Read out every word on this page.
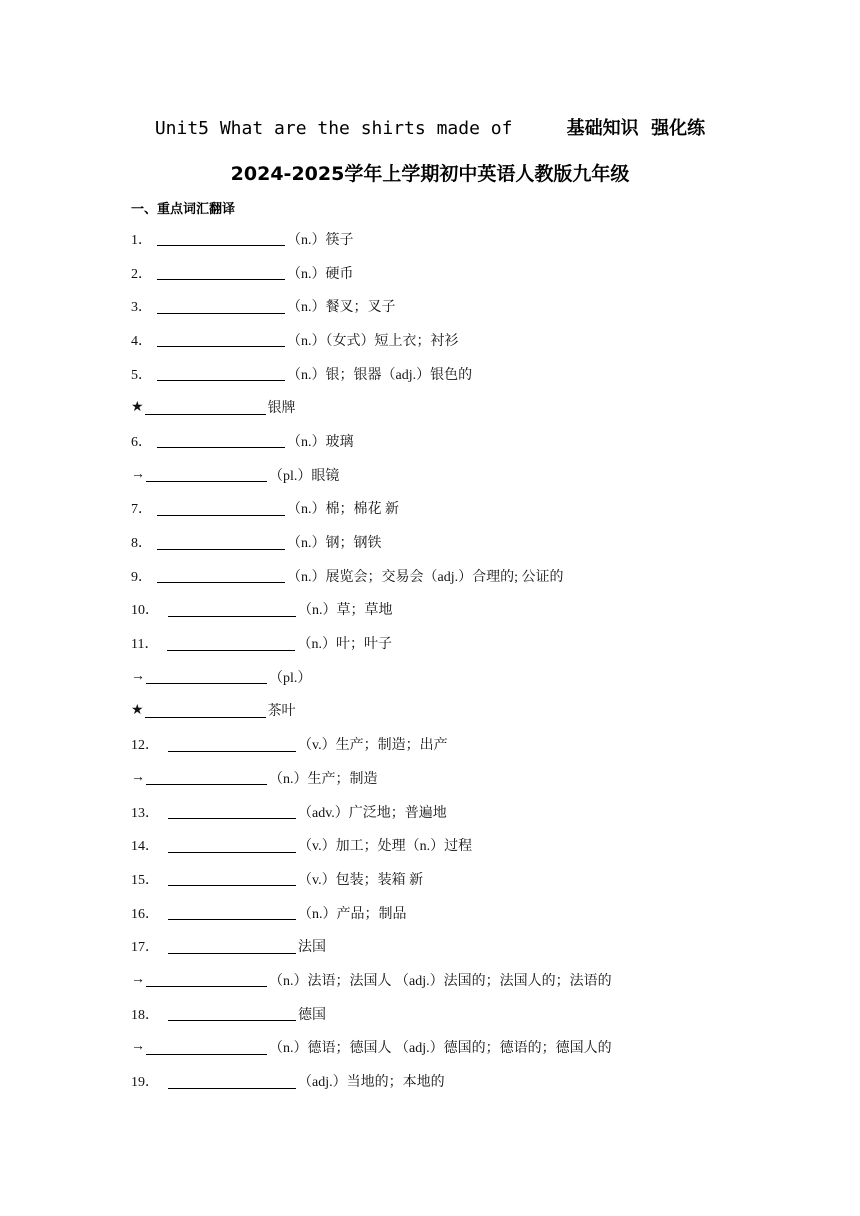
Unit5 What are the shirts made of	基础知识  强化练
2024-2025学年上学期初中英语人教版九年级
一、重点词汇翻译
1．	（n.）筷子
2．	（n.）硬币
3．	（n.）餐叉；叉子
4．	（n.）（女式）短上衣；衬衫
5．	（n.）银；银器（adj.）银色的
★	银牌
6．	（n.）玻璃
→	（pl.）眼镜
7．	（n.）棉；棉花 新
8．	（n.）钢；钢铁
9．	（n.）展览会；交易会（adj.）合理的; 公证的
10．	（n.）草；草地
11．	（n.）叶；叶子
→	（pl.）
★	茶叶
12．	（v.）生产；制造；出产
→	（n.）生产；制造
13．	（adv.）广泛地；普遍地
14．	（v.）加工；处理（n.）过程
15．	（v.）包装；装箱 新
16．	（n.）产品；制品
17．	法国
→	（n.）法语；法国人 （adj.）法国的；法国人的；法语的
18．	德国
→	（n.）德语；德国人 （adj.）德国的；德语的；德国人的
19．	（adj.）当地的；本地的
